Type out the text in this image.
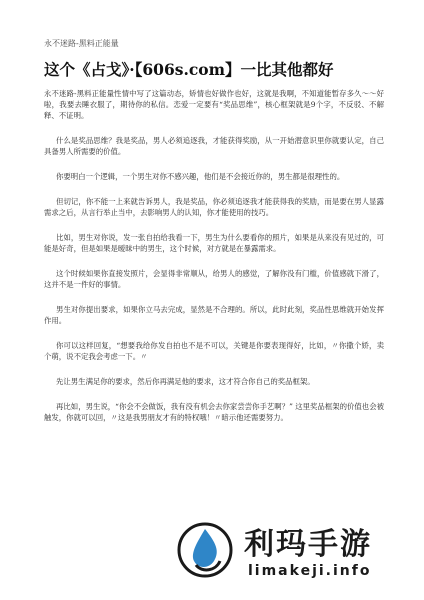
永不迷路-黑料正能量
这个《占戈》·【606s.com】一比其他都好

永不迷路-黑料正能量性情中写了这篇动态，矫情也好做作也好，这就是我啊，不知道能暂存多久～～好啦，我要去睡衣服了，期待你的私信。恋爱一定要有“奖品思维”，核心框架就是9个字，不反驳、不解释、不证明。

什么是奖品思维？我是奖品，男人必须追逐我，才能获得奖励，从一开始潜意识里你就要认定，自己具备男人所需要的价值。

你要明白一个逻辑，一个男生对你不感兴趣，他们是不会接近你的，男生都是很理性的。

但切记，你不能一上来就告诉男人，我是奖品，你必须追逐我才能获得我的奖励，而是要在男人显露需求之后，从言行举止当中，去影响男人的认知，你才能使用的技巧。

比如，男生对你说，发一张自拍给我看一下，男生为什么要看你的照片，如果是从来没有见过的，可能是好奇，但是如果是暧昧中的男生，这个时候，对方就是在暴露需求。

这个时候如果你直接发照片，会显得非常顺从，给男人的感觉，了解你没有门槛，价值感就下滑了，这并不是一件好的事情。

男生对你提出要求，如果你立马去完成，显然是不合理的。所以，此时此刻，奖品性思维就开始发挥作用。

你可以这样回复，“想要我给你发自拍也不是不可以，关键是你要表现得好，比如，〃你撒个娇，卖个萌，说不定我会考虑一下。〃

先让男生满足你的要求，然后你再满足他的要求，这才符合你自己的奖品框架。

再比如，男生说，“你会不会做饭，我有没有机会去你家尝尝你手艺啊？” 这里奖品框架的价值也会被触发，你就可以回，〃这是我男朋友才有的特权哦！〃暗示他还需要努力。

利玛手游
limakeji.info
